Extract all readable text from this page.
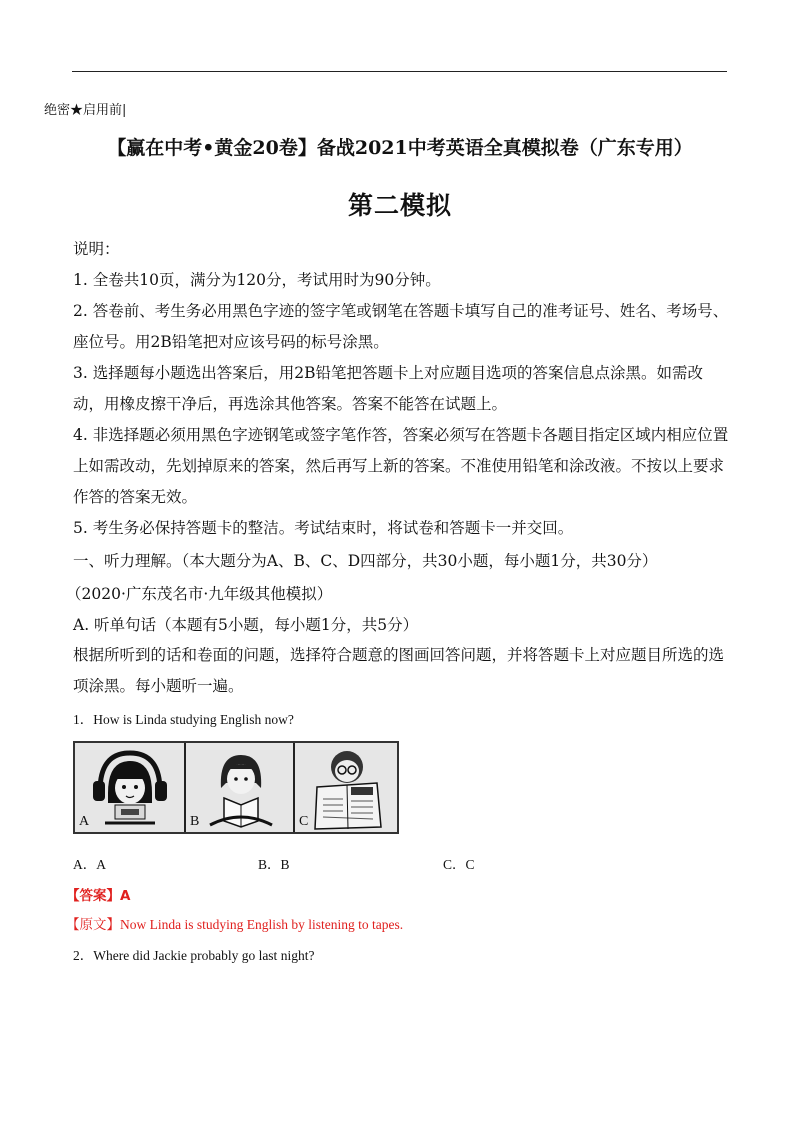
绝密★启用前|
【赢在中考•黄金20卷】备战2021中考英语全真模拟卷（广东专用）
第二模拟
说明：
1. 全卷共10页，满分为120分，考试用时为90分钟。
2. 答卷前、考生务必用黑色字迹的签字笔或钢笔在答题卡填写自己的准考证号、姓名、考场号、座位号。用2B铅笔把对应该号码的标号涂黑。
3. 选择题每小题选出答案后，用2B铅笔把答题卡上对应题目选项的答案信息点涂黑。如需改动，用橡皮擦干净后，再选涂其他答案。答案不能答在试题上。
4. 非选择题必须用黑色字迹钢笔或签字笔作答，答案必须写在答题卡各题目指定区域内相应位置上如需改动，先划掉原来的答案，然后再写上新的答案。不准使用铅笔和涂改液。不按以上要求作答的答案无效。
5. 考生务必保持答题卡的整洁。考试结束时，将试卷和答题卡一并交回。
一、听力理解。（本大题分为A、B、C、D四部分，共30小题，每小题1分，共30分）
（2020·广东茂名市·九年级其他模拟）
A. 听单句话（本题有5小题，每小题1分，共5分）
根据所听到的话和卷面的问题，选择符合题意的图画回答问题，并将答题卡上对应题目所选的选项涂黑。每小题听一遍。
1．How is Linda studying English now?
A	B	C
A．A	B．B	C．C
【答案】A
【原文】Now Linda is studying English by listening to tapes.
2．Where did Jackie probably go last night?
